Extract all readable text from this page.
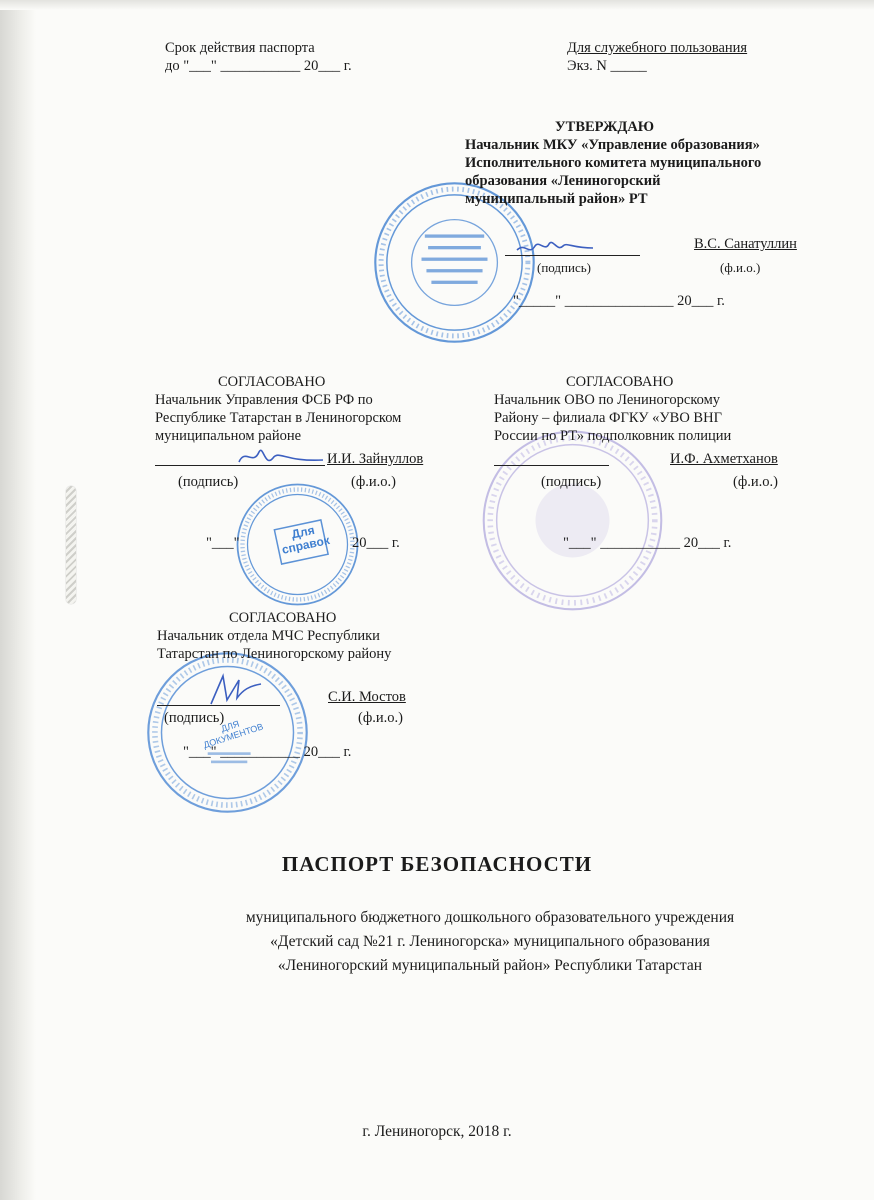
Срок действия паспорта
до "___" ___________ 20___ г.
Для служебного пользования
Экз. N _____
УТВЕРЖДАЮ
Начальник МКУ «Управление образования»
Исполнительного комитета муниципального
образования «Лениногорский
муниципальный район» РТ
В.С. Санатуллин
(подпись)	(ф.и.о.)
"_____" _______________ 20___ г.
СОГЛАСОВАНО
Начальник Управления ФСБ РФ по
Республике Татарстан в Лениногорском
муниципальном районе
И.И. Зайнуллов
(подпись)	(ф.и.о.)
Для справок
"___"	20___ г.
СОГЛАСОВАНО
Начальник ОВО по Лениногорскому
Району – филиала ФГКУ «УВО ВНГ
России по РТ» подполковник полиции
И.Ф. Ахметханов
(подпись)	(ф.и.о.)
"___" ___________ 20___ г.
ДЛЯ ДОКУМЕНТОВ
СОГЛАСОВАНО
Начальник отдела МЧС Республики
Татарстан по Лениногорскому району
С.И. Мостов
(подпись)	(ф.и.о.)
"___" ___________ 20___ г.
ПАСПОРТ БЕЗОПАСНОСТИ
муниципального бюджетного дошкольного образовательного учреждения
«Детский сад №21 г. Лениногорска» муниципального образования
«Лениногорский муниципальный район» Республики Татарстан
г. Лениногорск, 2018 г.
